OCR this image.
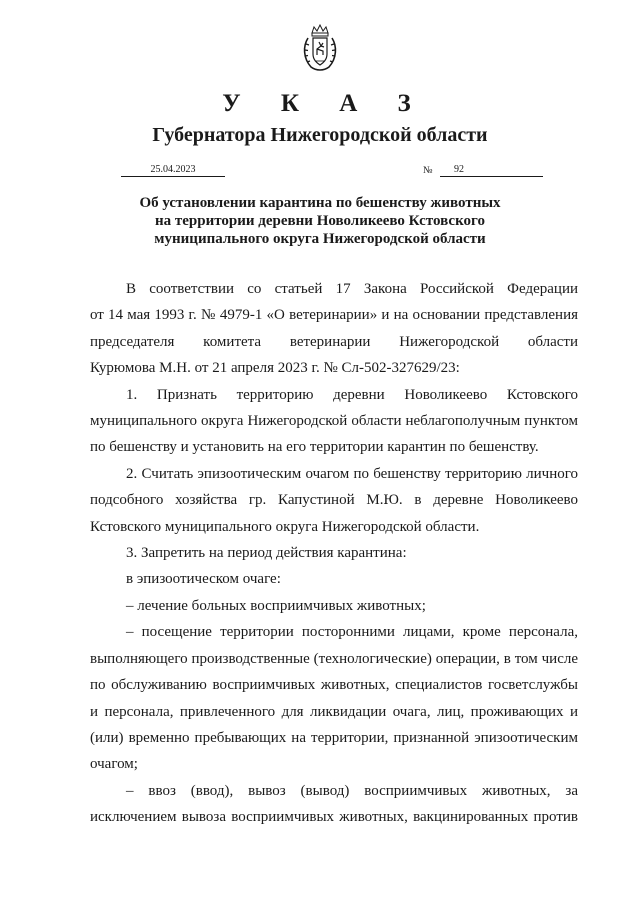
У К А З
Губернатора Нижегородской области
25.04.2023	№	92
Об установлении карантина по бешенству животных
на территории деревни Новоликеево Кстовского
муниципального округа Нижегородской области

В соответствии со статьей 17 Закона Российской Федерации

от 14 мая 1993 г. № 4979-1 «О ветеринарии» и на основании представления

председателя комитета ветеринарии Нижегородской области

Курюмова М.Н. от 21 апреля 2023 г. № Сл-502-327629/23:

1. Признать территорию деревни Новоликеево Кстовского муниципального округа Нижегородской области неблагополучным пунктом по бешенству и установить на его территории карантин по бешенству.

2. Считать эпизоотическим очагом по бешенству территорию личного подсобного хозяйства гр. Капустиной М.Ю. в деревне Новоликеево Кстовского муниципального округа Нижегородской области.

3. Запретить на период действия карантина:

в эпизоотическом очаге:

– лечение больных восприимчивых животных;

– посещение территории посторонними лицами, кроме персонала, выполняющего производственные (технологические) операции, в том числе по обслуживанию восприимчивых животных, специалистов госветслужбы и персонала, привлеченного для ликвидации очага, лиц, проживающих и (или) временно пребывающих на территории, признанной эпизоотическим очагом;

– ввоз (ввод), вывоз (вывод) восприимчивых животных, за исключением вывоза восприимчивых животных, вакцинированных против
